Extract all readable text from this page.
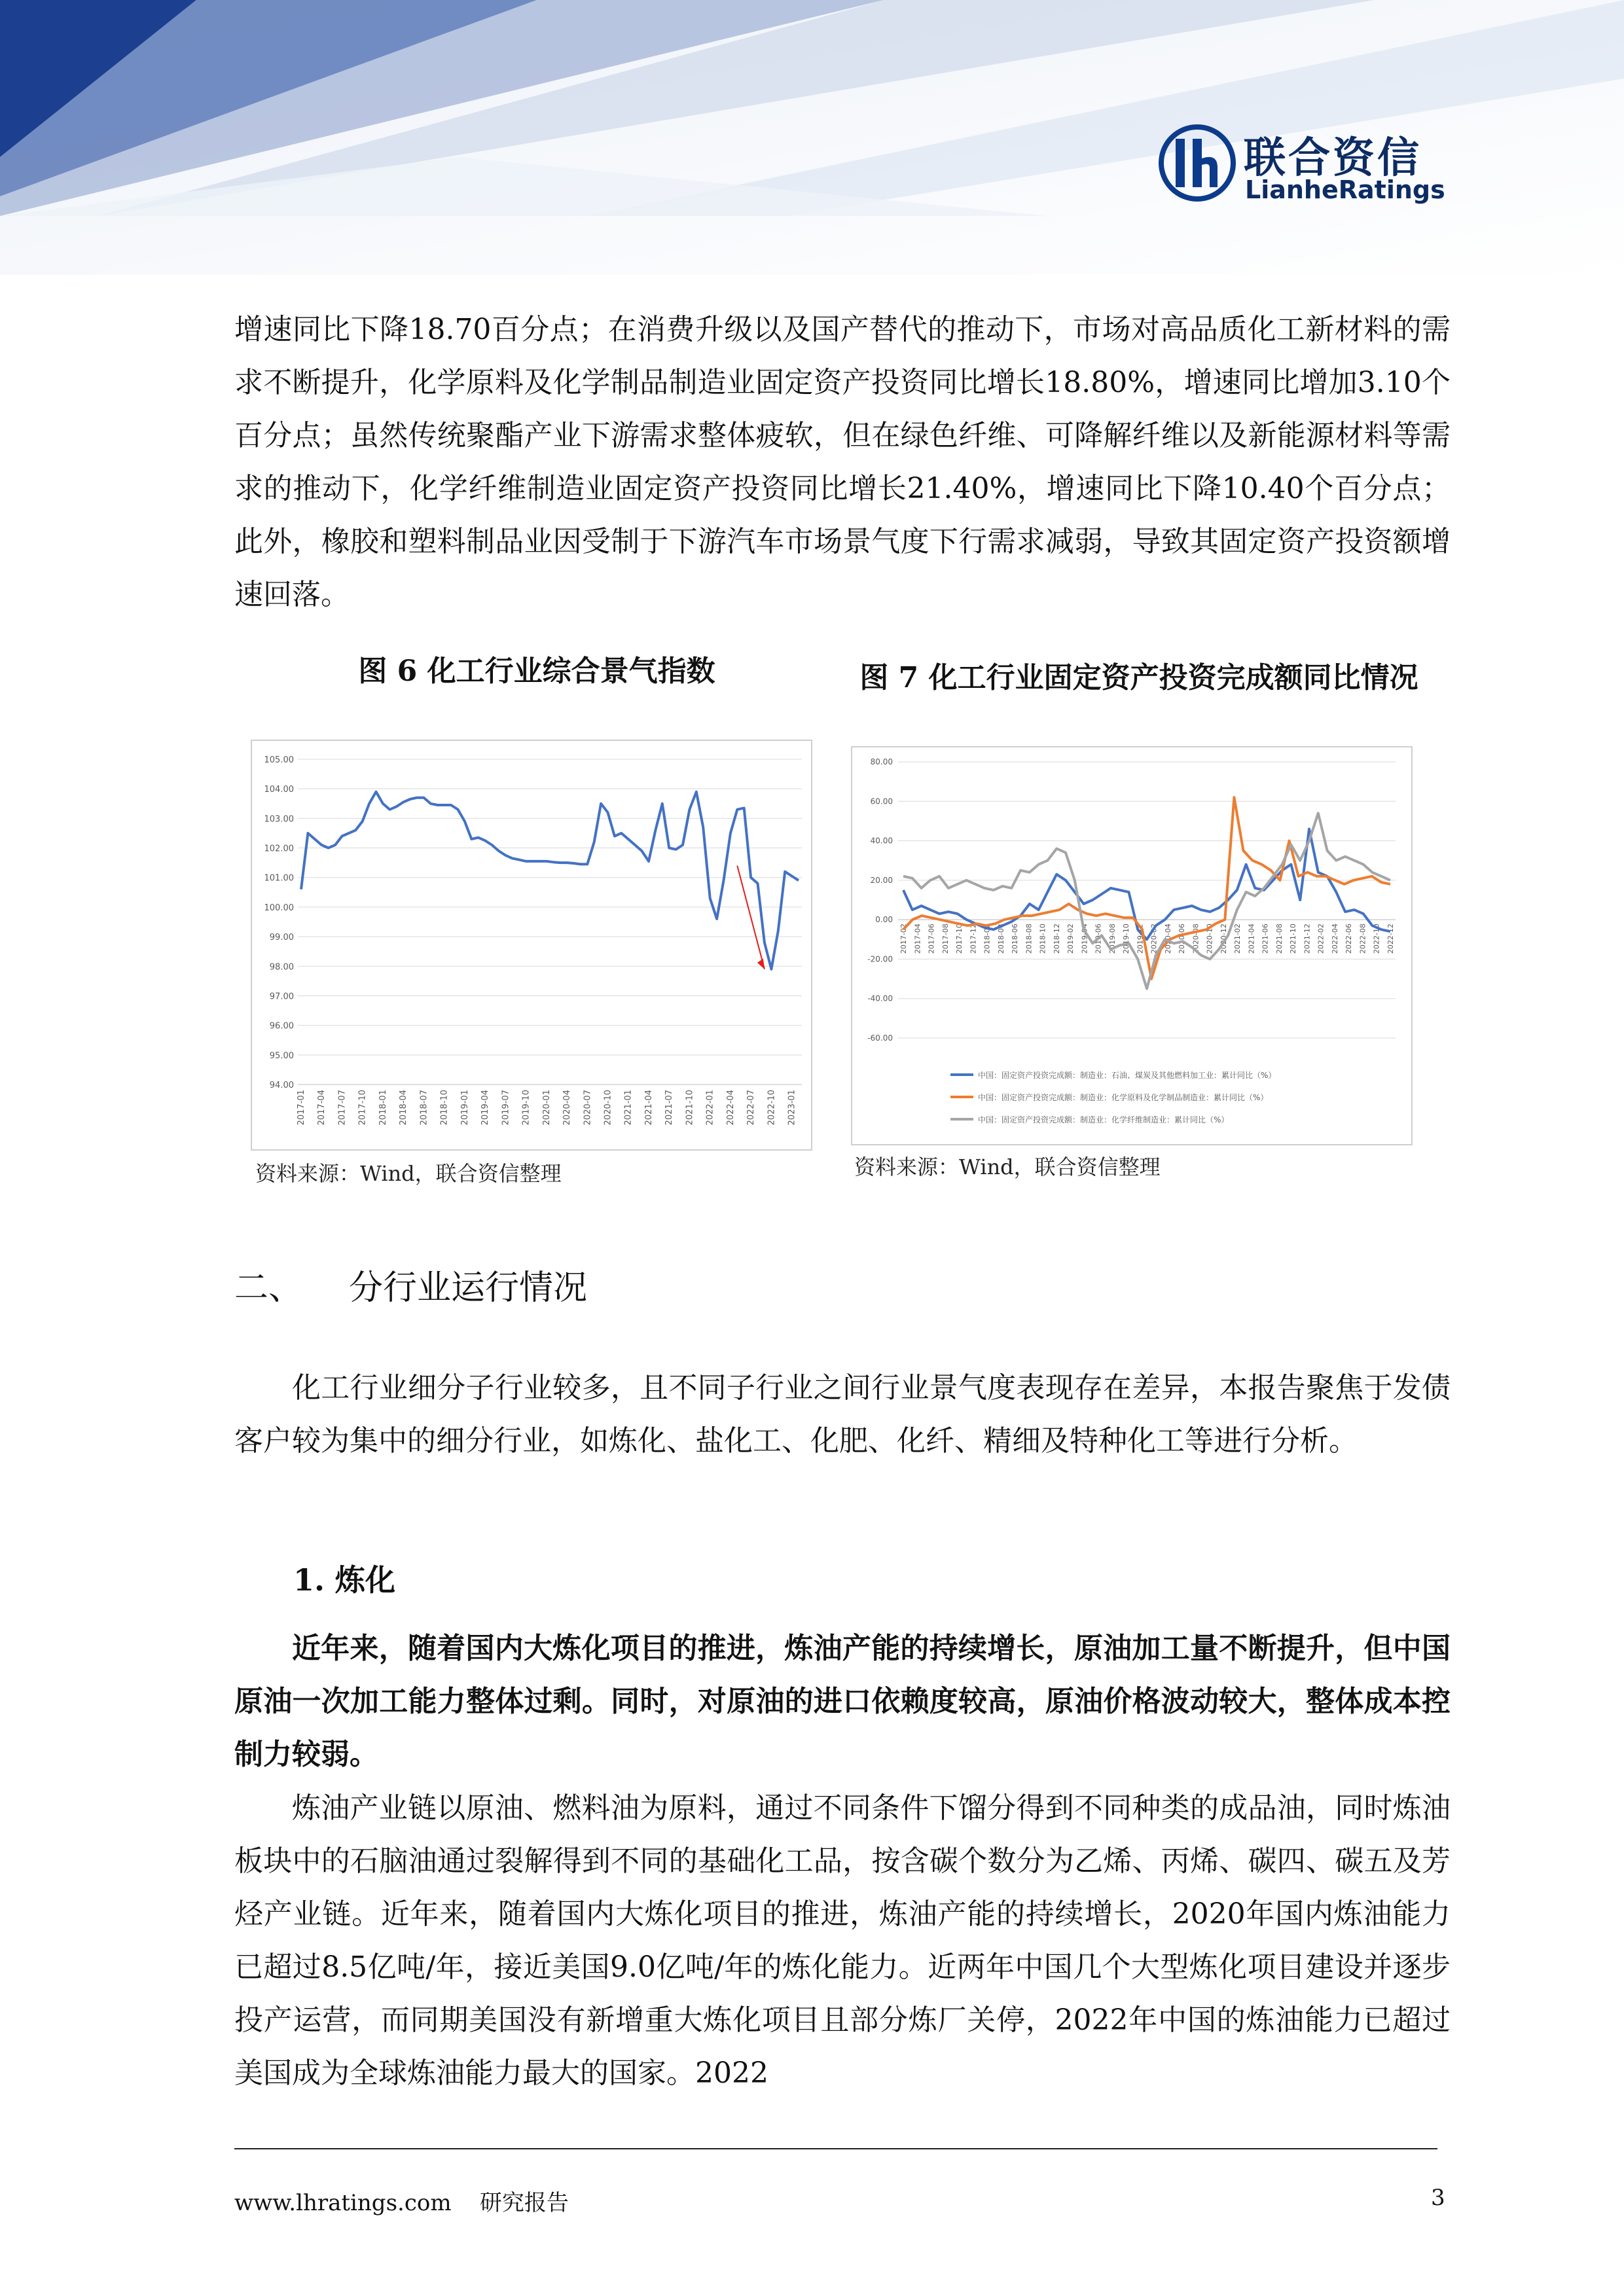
联合资信
LianheRatings

增速同比下降18.70百分点；在消费升级以及国产替代的推动下，市场对高品质化工新材料的需求不断提升，化学原料及化学制品制造业固定资产投资同比增长18.80%，增速同比增加3.10个百分点；虽然传统聚酯产业下游需求整体疲软，但在绿色纤维、可降解纤维以及新能源材料等需求的推动下，化学纤维制造业固定资产投资同比增长21.40%，增速同比下降10.40个百分点；此外，橡胶和塑料制品业因受制于下游汽车市场景气度下行需求减弱，导致其固定资产投资额增速回落。

图 6 化工行业综合景气指数	图 7 化工行业固定资产投资完成额同比情况
105.00
104.00
103.00
102.00
101.00
100.00
99.00
98.00
97.00
96.00
95.00
94.00
2017-01 2017-04 2017-07 2017-10 2018-01 2018-04 2018-07 2018-10 2019-01 2019-04 2019-07 2019-10 2020-01 2020-04 2020-07 2020-10 2021-01 2021-04 2021-07 2021-10 2022-01 2022-04 2022-07 2022-10 2023-01
80.00
60.00
40.00
20.00
0.00
-20.00
-40.00
-60.00
2017-02 2017-04 2017-06 2017-08 2017-10 2017-12 2018-02 2018-04 2018-06 2018-08 2018-10 2018-12 2019-02 2019-04 2019-06 2019-08 2019-10 2019-12 2020-02 2020-04 2020-06 2020-08 2020-10 2020-12 2021-02 2021-04 2021-06 2021-08 2021-10 2021-12 2022-02 2022-04 2022-06 2022-08 2022-10 2022-12
中国：固定资产投资完成额：制造业：石油、煤炭及其他燃料加工业：累计同比（%）
中国：固定资产投资完成额：制造业：化学原料及化学制品制造业：累计同比（%）
中国：固定资产投资完成额：制造业：化学纤维制造业：累计同比（%）
资料来源：Wind，联合资信整理	资料来源：Wind，联合资信整理
二、 分行业运行情况

化工行业细分子行业较多，且不同子行业之间行业景气度表现存在差异，本报告聚焦于发债客户较为集中的细分行业，如炼化、盐化工、化肥、化纤、精细及特种化工等进行分析。

1. 炼化

近年来，随着国内大炼化项目的推进，炼油产能的持续增长，原油加工量不断提升，但中国原油一次加工能力整体过剩。同时，对原油的进口依赖度较高，原油价格波动较大，整体成本控制力较弱。

炼油产业链以原油、燃料油为原料，通过不同条件下馏分得到不同种类的成品油，同时炼油板块中的石脑油通过裂解得到不同的基础化工品，按含碳个数分为乙烯、丙烯、碳四、碳五及芳烃产业链。近年来，随着国内大炼化项目的推进，炼油产能的持续增长，2020年国内炼油能力已超过8.5亿吨/年，接近美国9.0亿吨/年的炼化能力。近两年中国几个大型炼化项目建设并逐步投产运营，而同期美国没有新增重大炼化项目且部分炼厂关停，2022年中国的炼油能力已超过美国成为全球炼油能力最大的国家。2022

www.lhratings.com 研究报告	3
